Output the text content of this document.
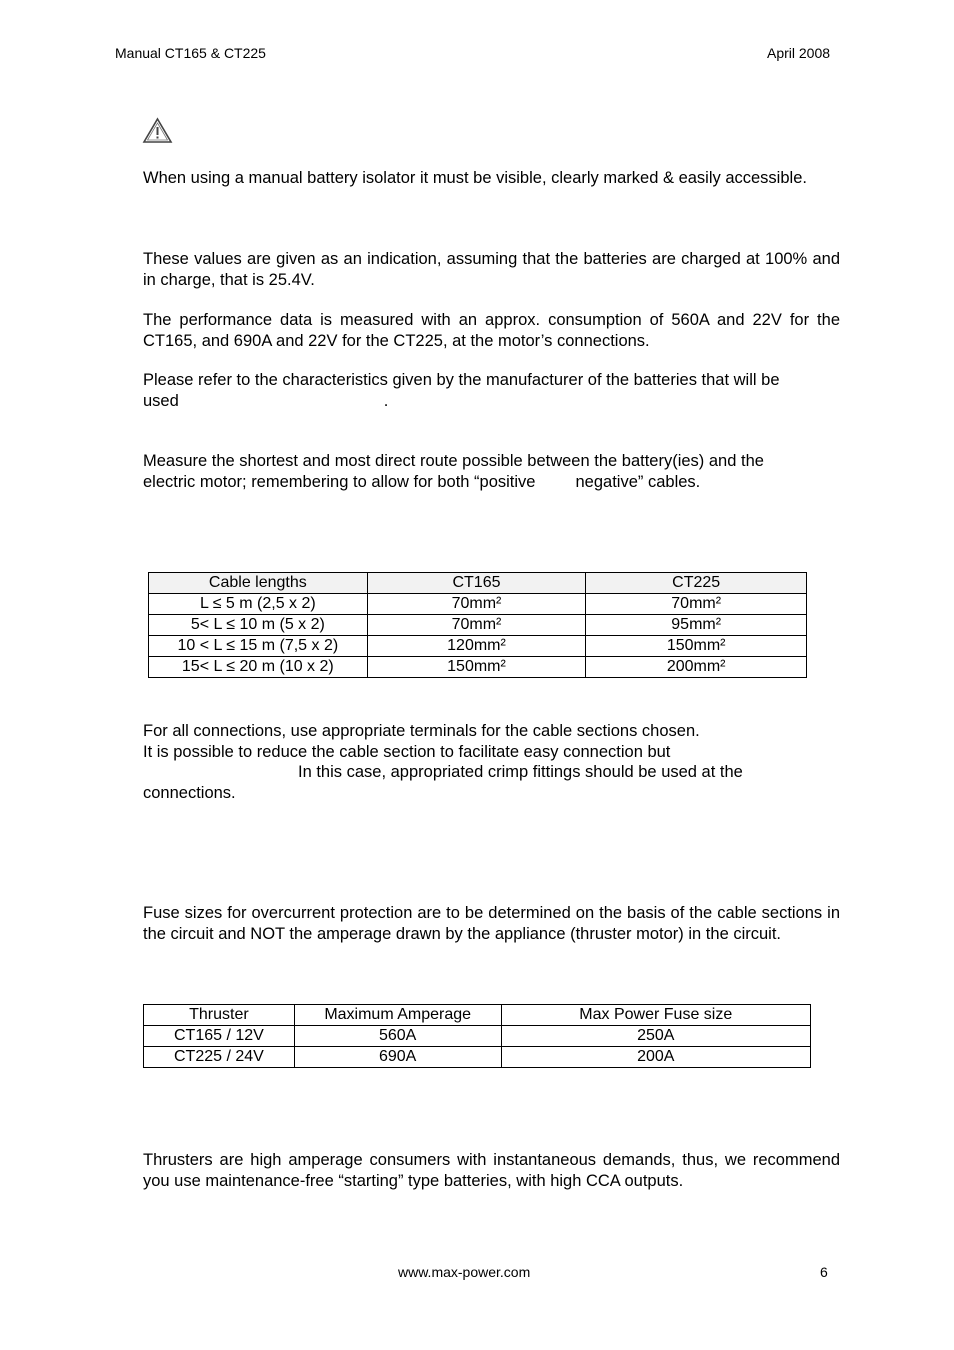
Manual CT165 & CT225	April 2008

When using a manual battery isolator it must be visible, clearly marked & easily accessible.

These values are given as an indication, assuming that the batteries are charged at 100% and in charge, that is 25.4V.

The performance data is measured with an approx. consumption of 560A and 22V for the CT165, and 690A and 22V for the CT225, at the motor’s connections.

Please refer to the characteristics given by the manufacturer of the batteries that will be

used	.

Measure the shortest and most direct route possible between the battery(ies) and the

electric motor; remembering to allow for both “positive negative” cables.

Cable lengths	CT165	CT225
L ≤ 5 m (2,5 x 2)	70mm²	70mm²
5< L ≤ 10 m (5 x 2)	70mm²	95mm²
10 < L ≤ 15 m (7,5 x 2)	120mm²	150mm²
15< L ≤ 20 m (10 x 2)	150mm²	200mm²

For all connections, use appropriate terminals for the cable sections chosen.

It is possible to reduce the cable section to facilitate easy connection but

In this case, appropriated crimp fittings should be used at the

connections.

Fuse sizes for overcurrent protection are to be determined on the basis of the cable sections in the circuit and NOT the amperage drawn by the appliance (thruster motor) in the circuit.

Thruster	Maximum Amperage	Max Power Fuse size
CT165 / 12V	560A	250A
CT225 / 24V	690A	200A

Thrusters are high amperage consumers with instantaneous demands, thus, we recommend you use maintenance-free “starting” type batteries, with high CCA outputs.

www.max-power.com	6
